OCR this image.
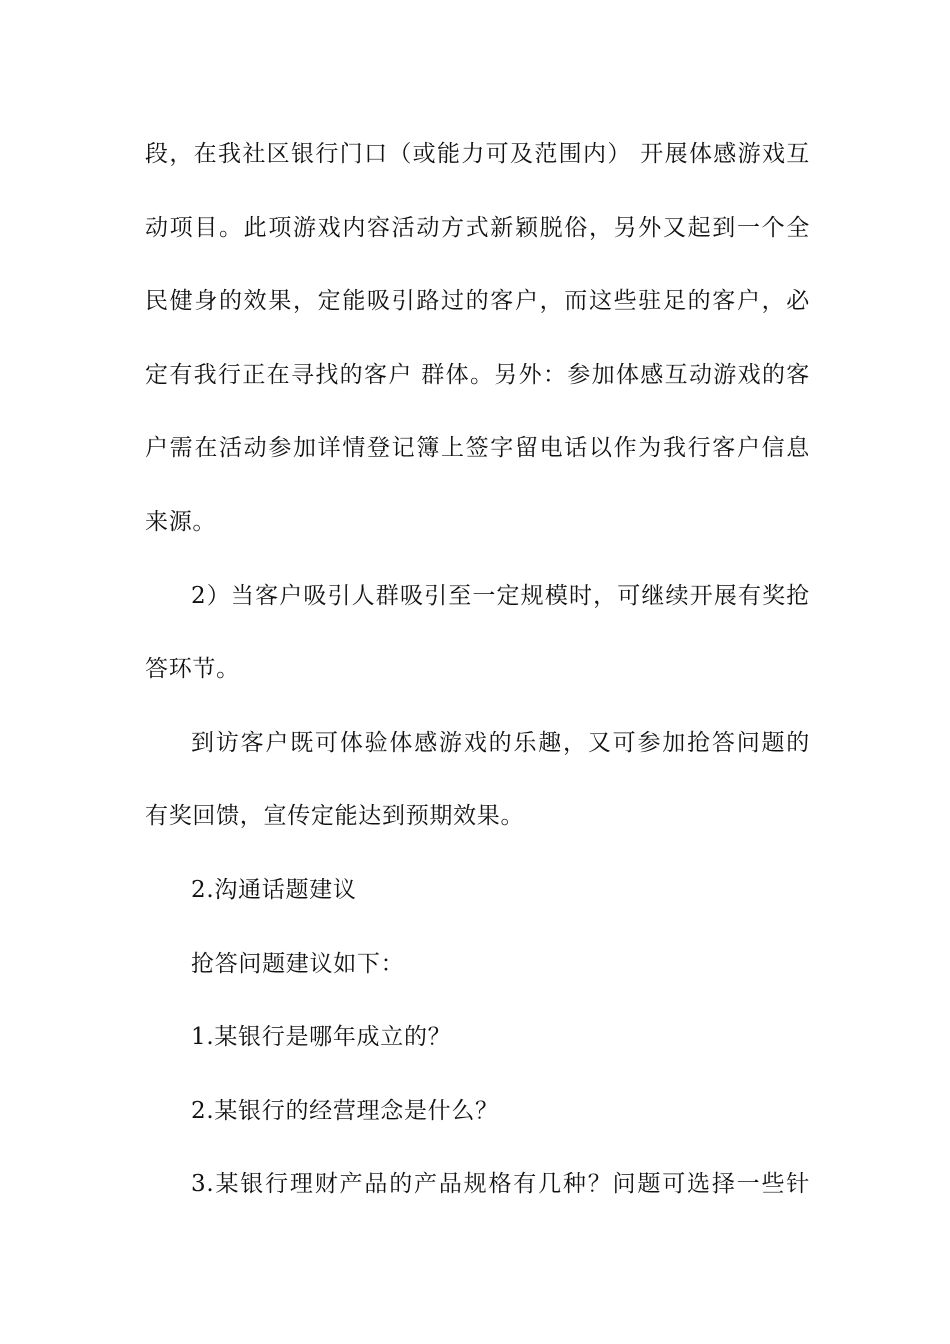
段，在我社区银行门口（或能力可及范围内） 开展体感游戏互
动项目。此项游戏内容活动方式新颖脱俗，另外又起到一个全
民健身的效果，定能吸引路过的客户，而这些驻足的客户，必
定有我行正在寻找的客户 群体。另外：参加体感互动游戏的客
户需在活动参加详情登记簿上签字留电话以作为我行客户信息
来源。
2）当客户吸引人群吸引至一定规模时，可继续开展有奖抢
答环节。
到访客户既可体验体感游戏的乐趣，又可参加抢答问题的
有奖回馈，宣传定能达到预期效果。
2.沟通话题建议
抢答问题建议如下：
1.某银行是哪年成立的？
2.某银行的经营理念是什么？
3.某银行理财产品的产品规格有几种？问题可选择一些针
